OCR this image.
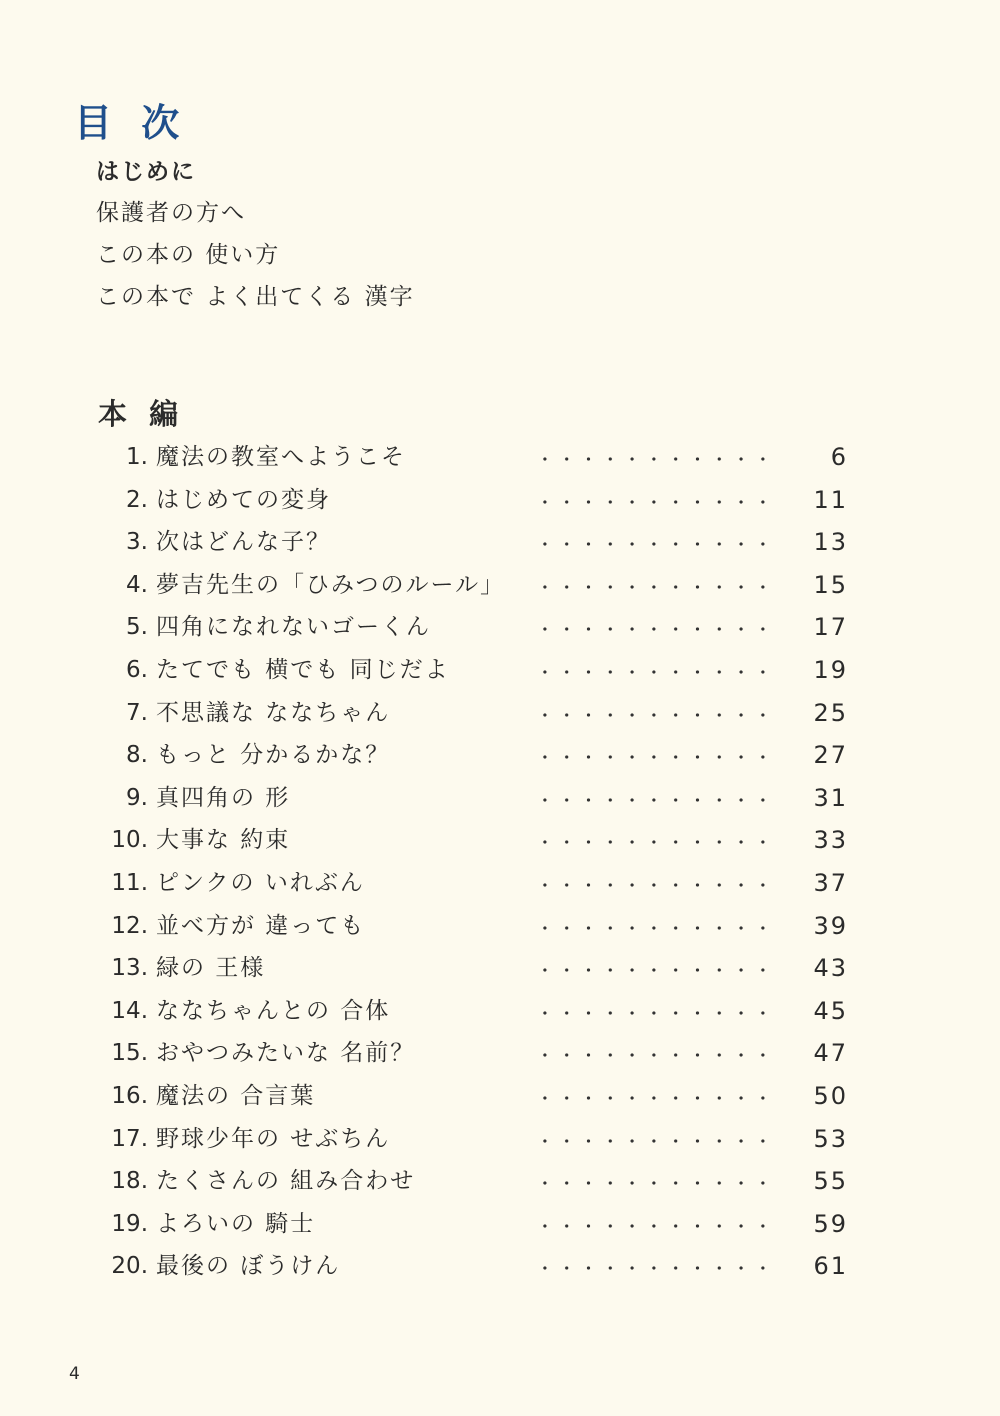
目 次
はじめに
保護者の方へ
この本の 使い方
この本で よく出てくる 漢字
本 編
1. 魔法の教室へようこそ	6
2. はじめての変身	11
3. 次はどんな子？	13
4. 夢吉先生の「ひみつのルール」	15
5. 四角になれないゴーくん	17
6. たてでも 横でも 同じだよ	19
7. 不思議な ななちゃん	25
8. もっと 分かるかな？	27
9. 真四角の 形	31
10. 大事な 約束	33
11. ピンクの いれぶん	37
12. 並べ方が 違っても	39
13. 緑の 王様	43
14. ななちゃんとの 合体	45
15. おやつみたいな 名前？	47
16. 魔法の 合言葉	50
17. 野球少年の せぶちん	53
18. たくさんの 組み合わせ	55
19. よろいの 騎士	59
20. 最後の ぼうけん	61
4
